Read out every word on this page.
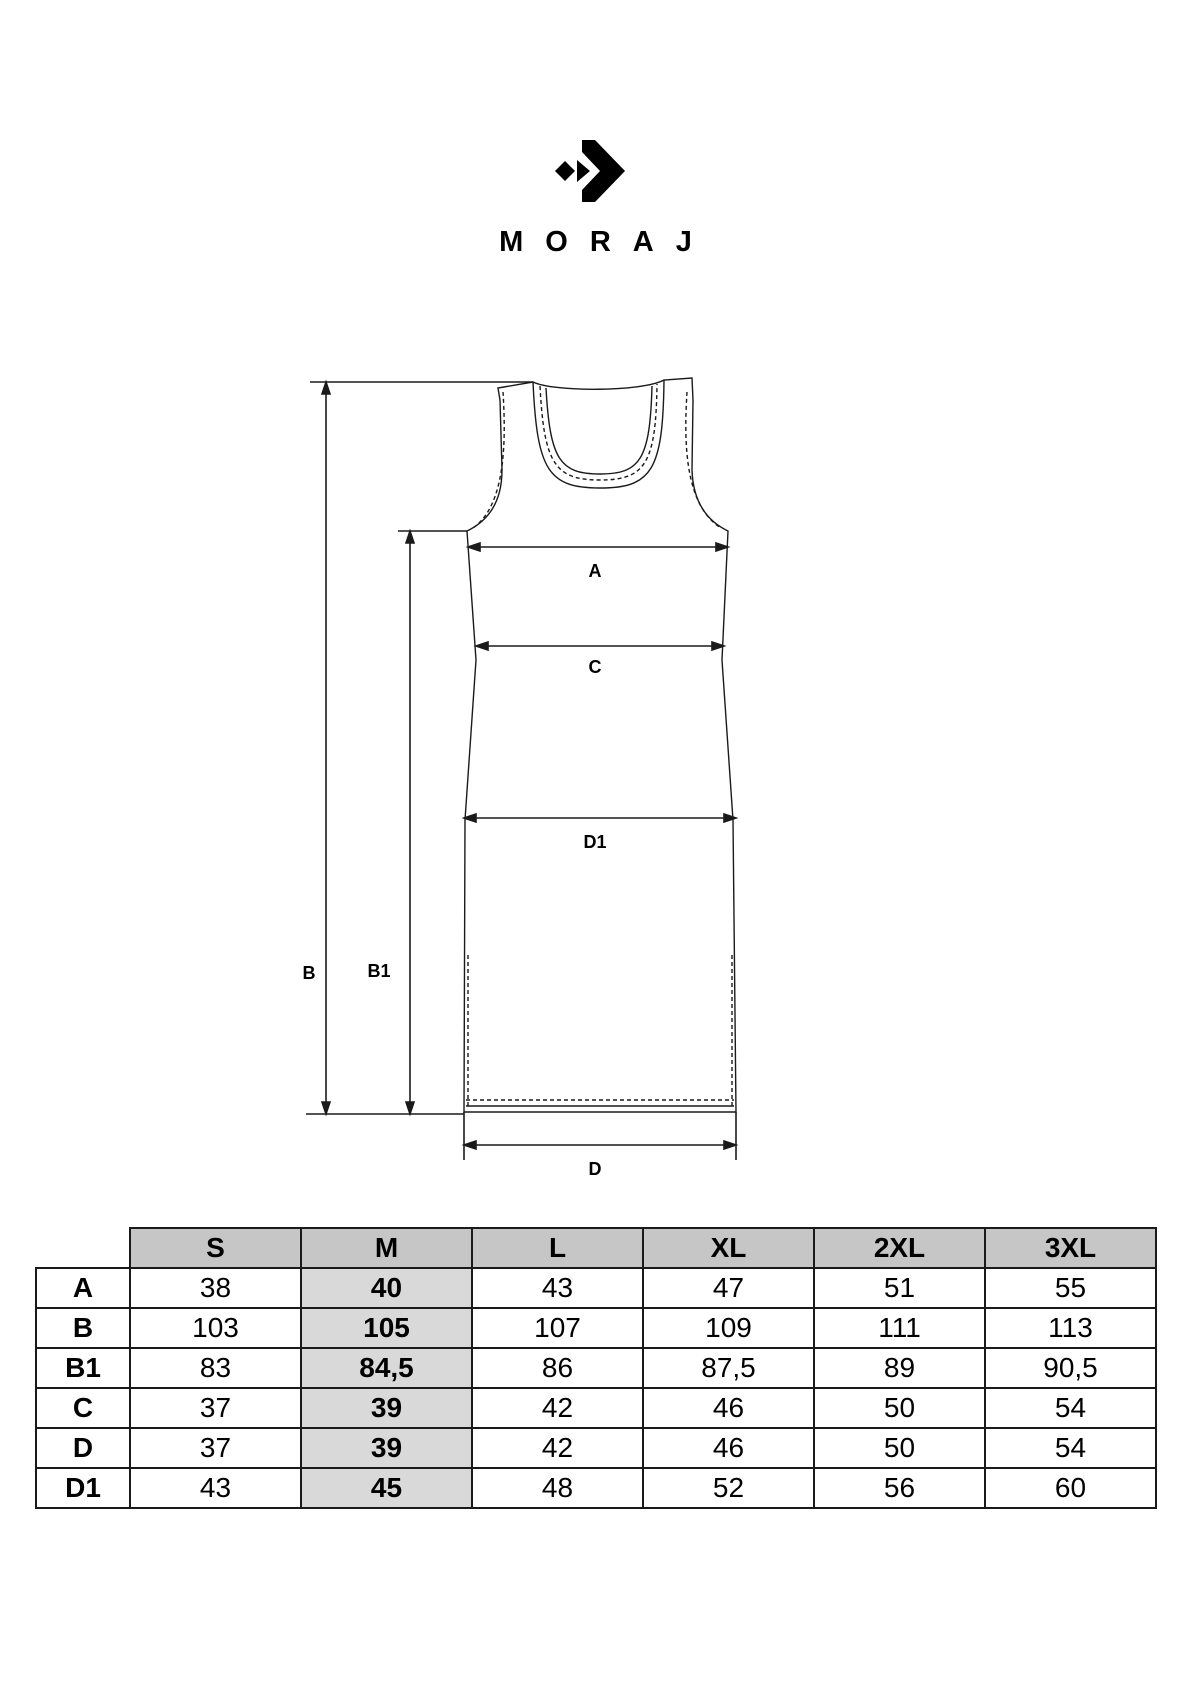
MORAJ
A
C
D1
D
B	B1
	S	M	L	XL	2XL	3XL
A	38	40	43	47	51	55
B	103	105	107	109	111	113
B1	83	84,5	86	87,5	89	90,5
C	37	39	42	46	50	54
D	37	39	42	46	50	54
D1	43	45	48	52	56	60
